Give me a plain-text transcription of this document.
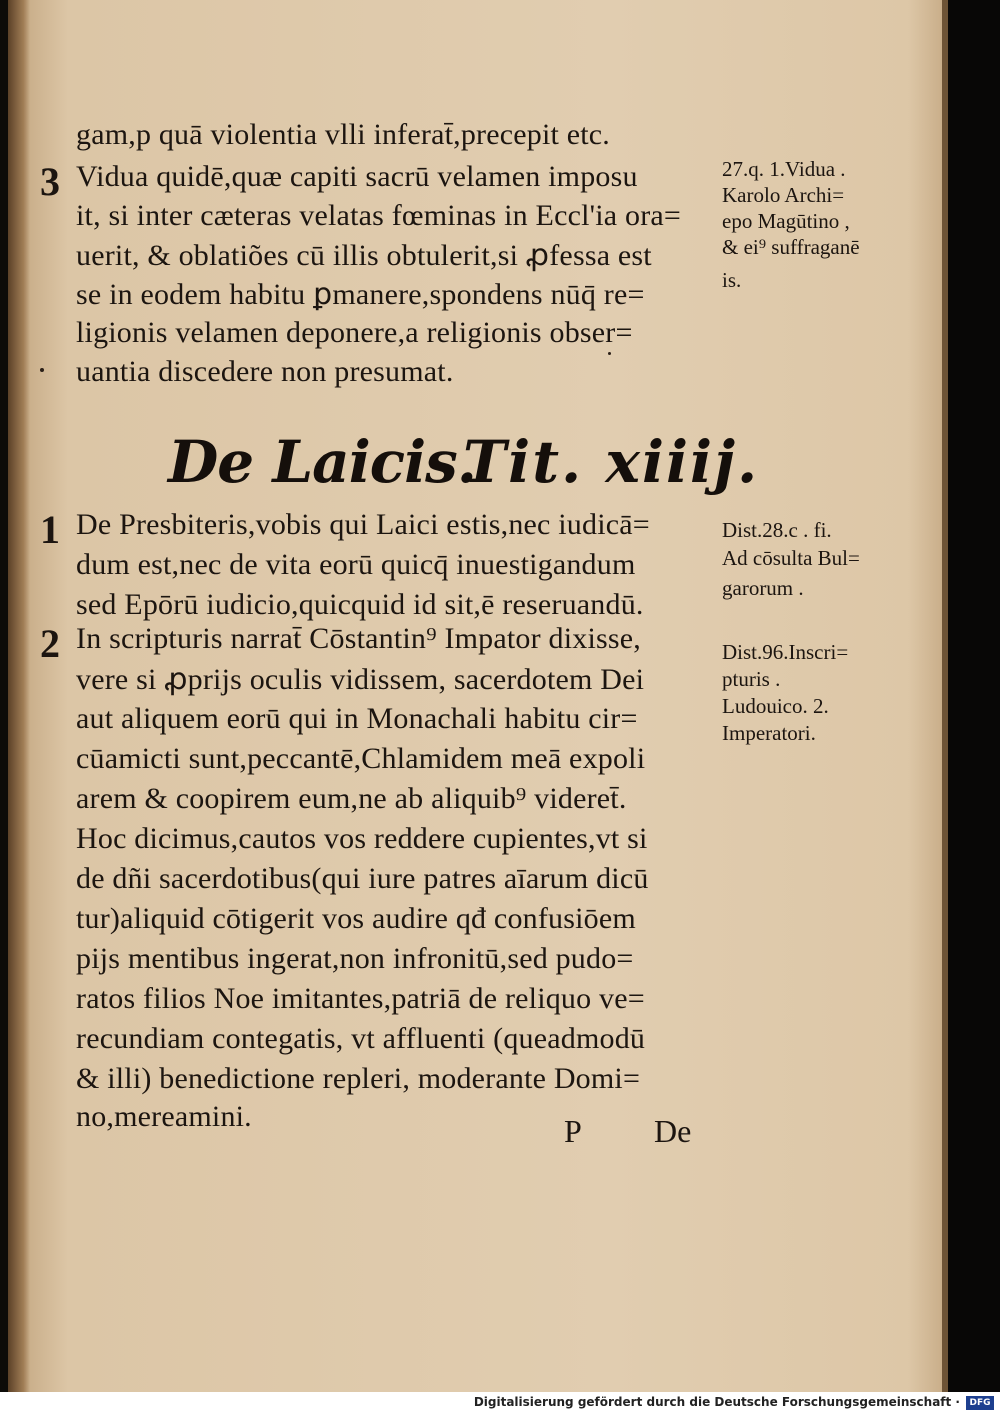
gam,p quā violentia vlli inferat̄,precepit etc.
3 Vidua quidē,quæ capiti sacrū velamen imposu
it, si inter cæteras velatas fœminas in Eccl'ia ora=
uerit, & oblatiões cū illis obtulerit,si ꝓfessa est
se in eodem habitu ꝑmanere,spondens nūq̄ re=
ligionis velamen deponere,a religionis obser=
uantia discedere non presumat.
De Laicis.
Tit. xiiij.
1 De Presbiteris,vobis qui Laici estis,nec iudicā=
dum est,nec de vita eorū quicq̄ inuestigandum
sed Epōrū iudicio,quicquid id sit,ē reseruandū.
2 In scripturis narrat̄ Cōstantin⁹ Impator dixisse,
vere si ꝓprijs oculis vidissem, sacerdotem Dei
aut aliquem eorū qui in Monachali habitu cir=
cūamicti sunt,peccantē,Chlamidem meā expoli
arem & coopirem eum,ne ab aliquib⁹ videret̄.
Hoc dicimus,cautos vos reddere cupientes,vt si
de dñi sacerdotibus(qui iure patres aīarum dicū
tur)aliquid cōtigerit vos audire qđ confusiōem
pijs mentibus ingerat,non infronitū,sed pudo=
ratos filios Noe imitantes,patriā de reliquo ve=
recundiam contegatis, vt affluenti (queadmodū
& illi) benedictione repleri, moderante Domi=
no,mereamini.
27.q. 1.Vidua .
Karolo Archi=
epo Magūtino ,
& ei⁹ suffraganē
is.
Dist.28.c . fi.
Ad cōsulta Bul=
garorum .
Dist.96.Inscri=
pturis .
Ludouico. 2.
Imperatori.
P De
Digitalisierung gefördert durch die Deutsche Forschungsgemeinschaft ·	DFG
